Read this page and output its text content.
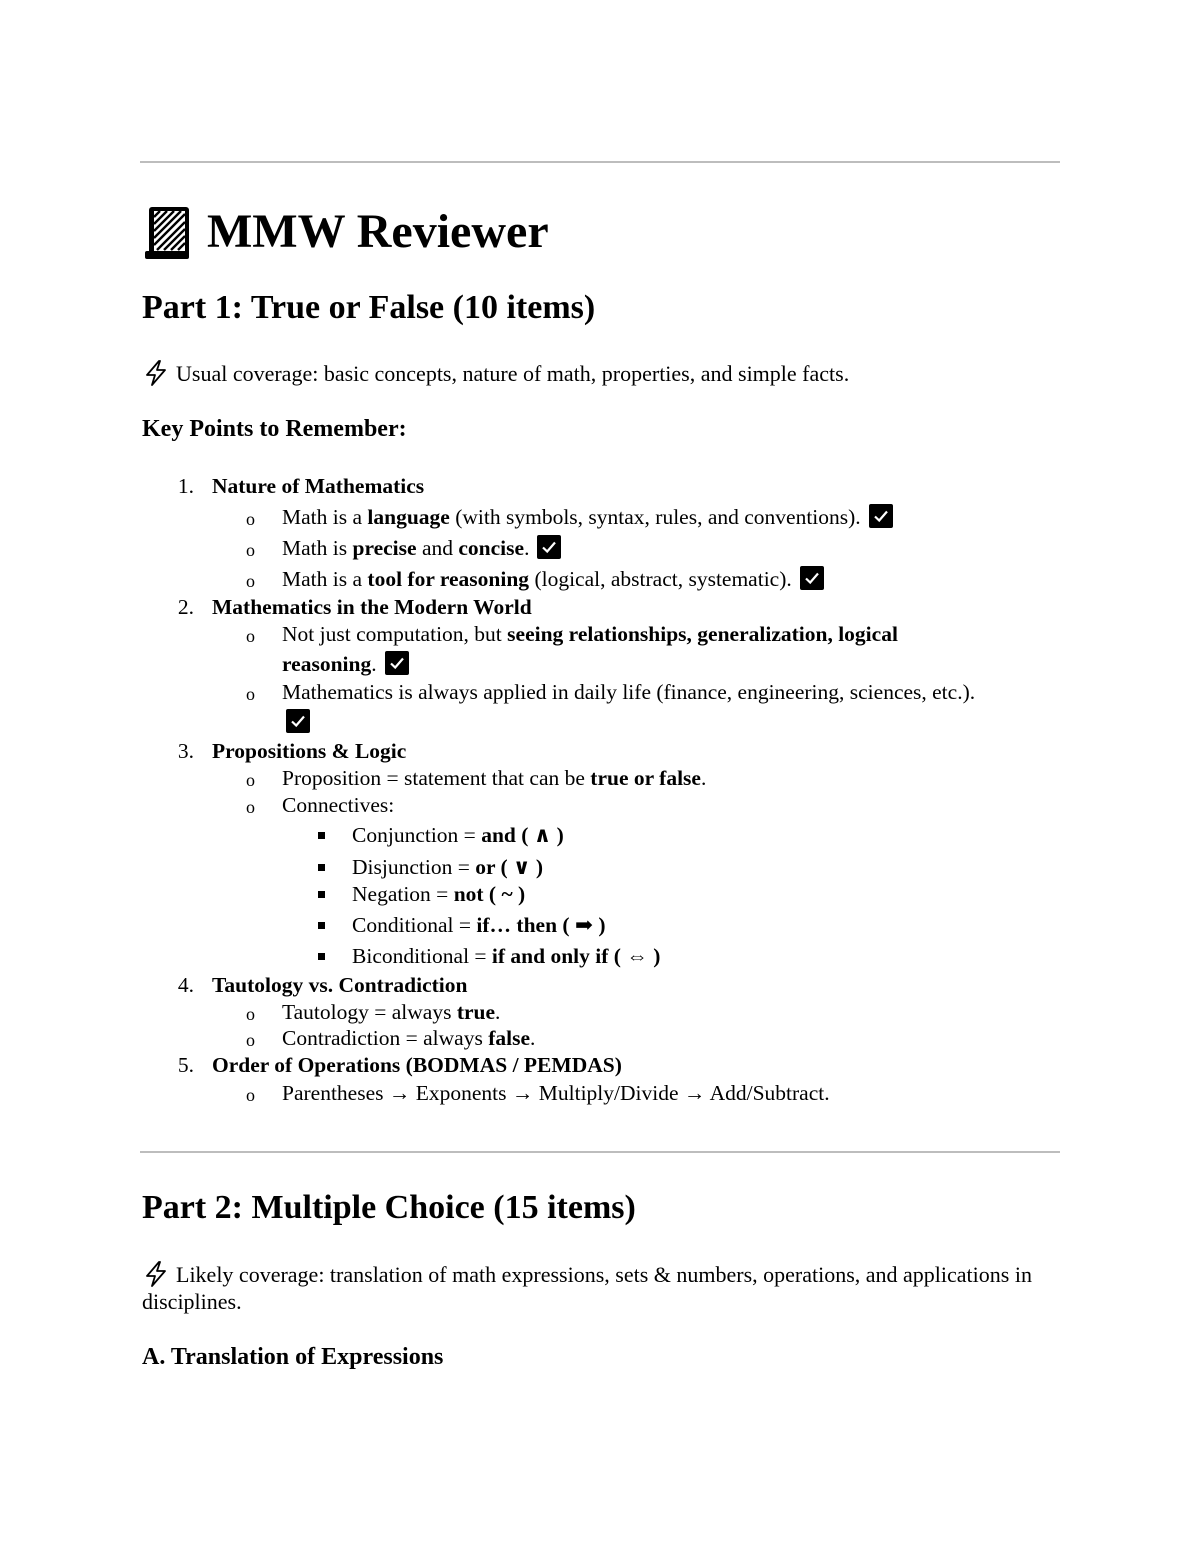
MMW Reviewer
Part 1: True or False (10 items)

Usual coverage: basic concepts, nature of math, properties, and simple facts.

Key Points to Remember:
1. Nature of Mathematics
o Math is a language (with symbols, syntax, rules, and conventions).
o Math is precise and concise.
o Math is a tool for reasoning (logical, abstract, systematic).
2. Mathematics in the Modern World
o Not just computation, but seeing relationships, generalization, logical
reasoning.
o Mathematics is always applied in daily life (finance, engineering, sciences, etc.).
3. Propositions & Logic
o Proposition = statement that can be true or false.
o Connectives:
Conjunction = and ( ∧ )
Disjunction = or ( ∨ )
Negation = not ( ~ )
Conditional = if… then ( ➡ )
Biconditional = if and only if ( ⇔ )
4. Tautology vs. Contradiction
o Tautology = always true.
o Contradiction = always false.
5. Order of Operations (BODMAS / PEMDAS)
o Parentheses → Exponents → Multiply/Divide → Add/Subtract.
Part 2: Multiple Choice (15 items)

Likely coverage: translation of math expressions, sets & numbers, operations, and applications in disciplines.

A. Translation of Expressions
